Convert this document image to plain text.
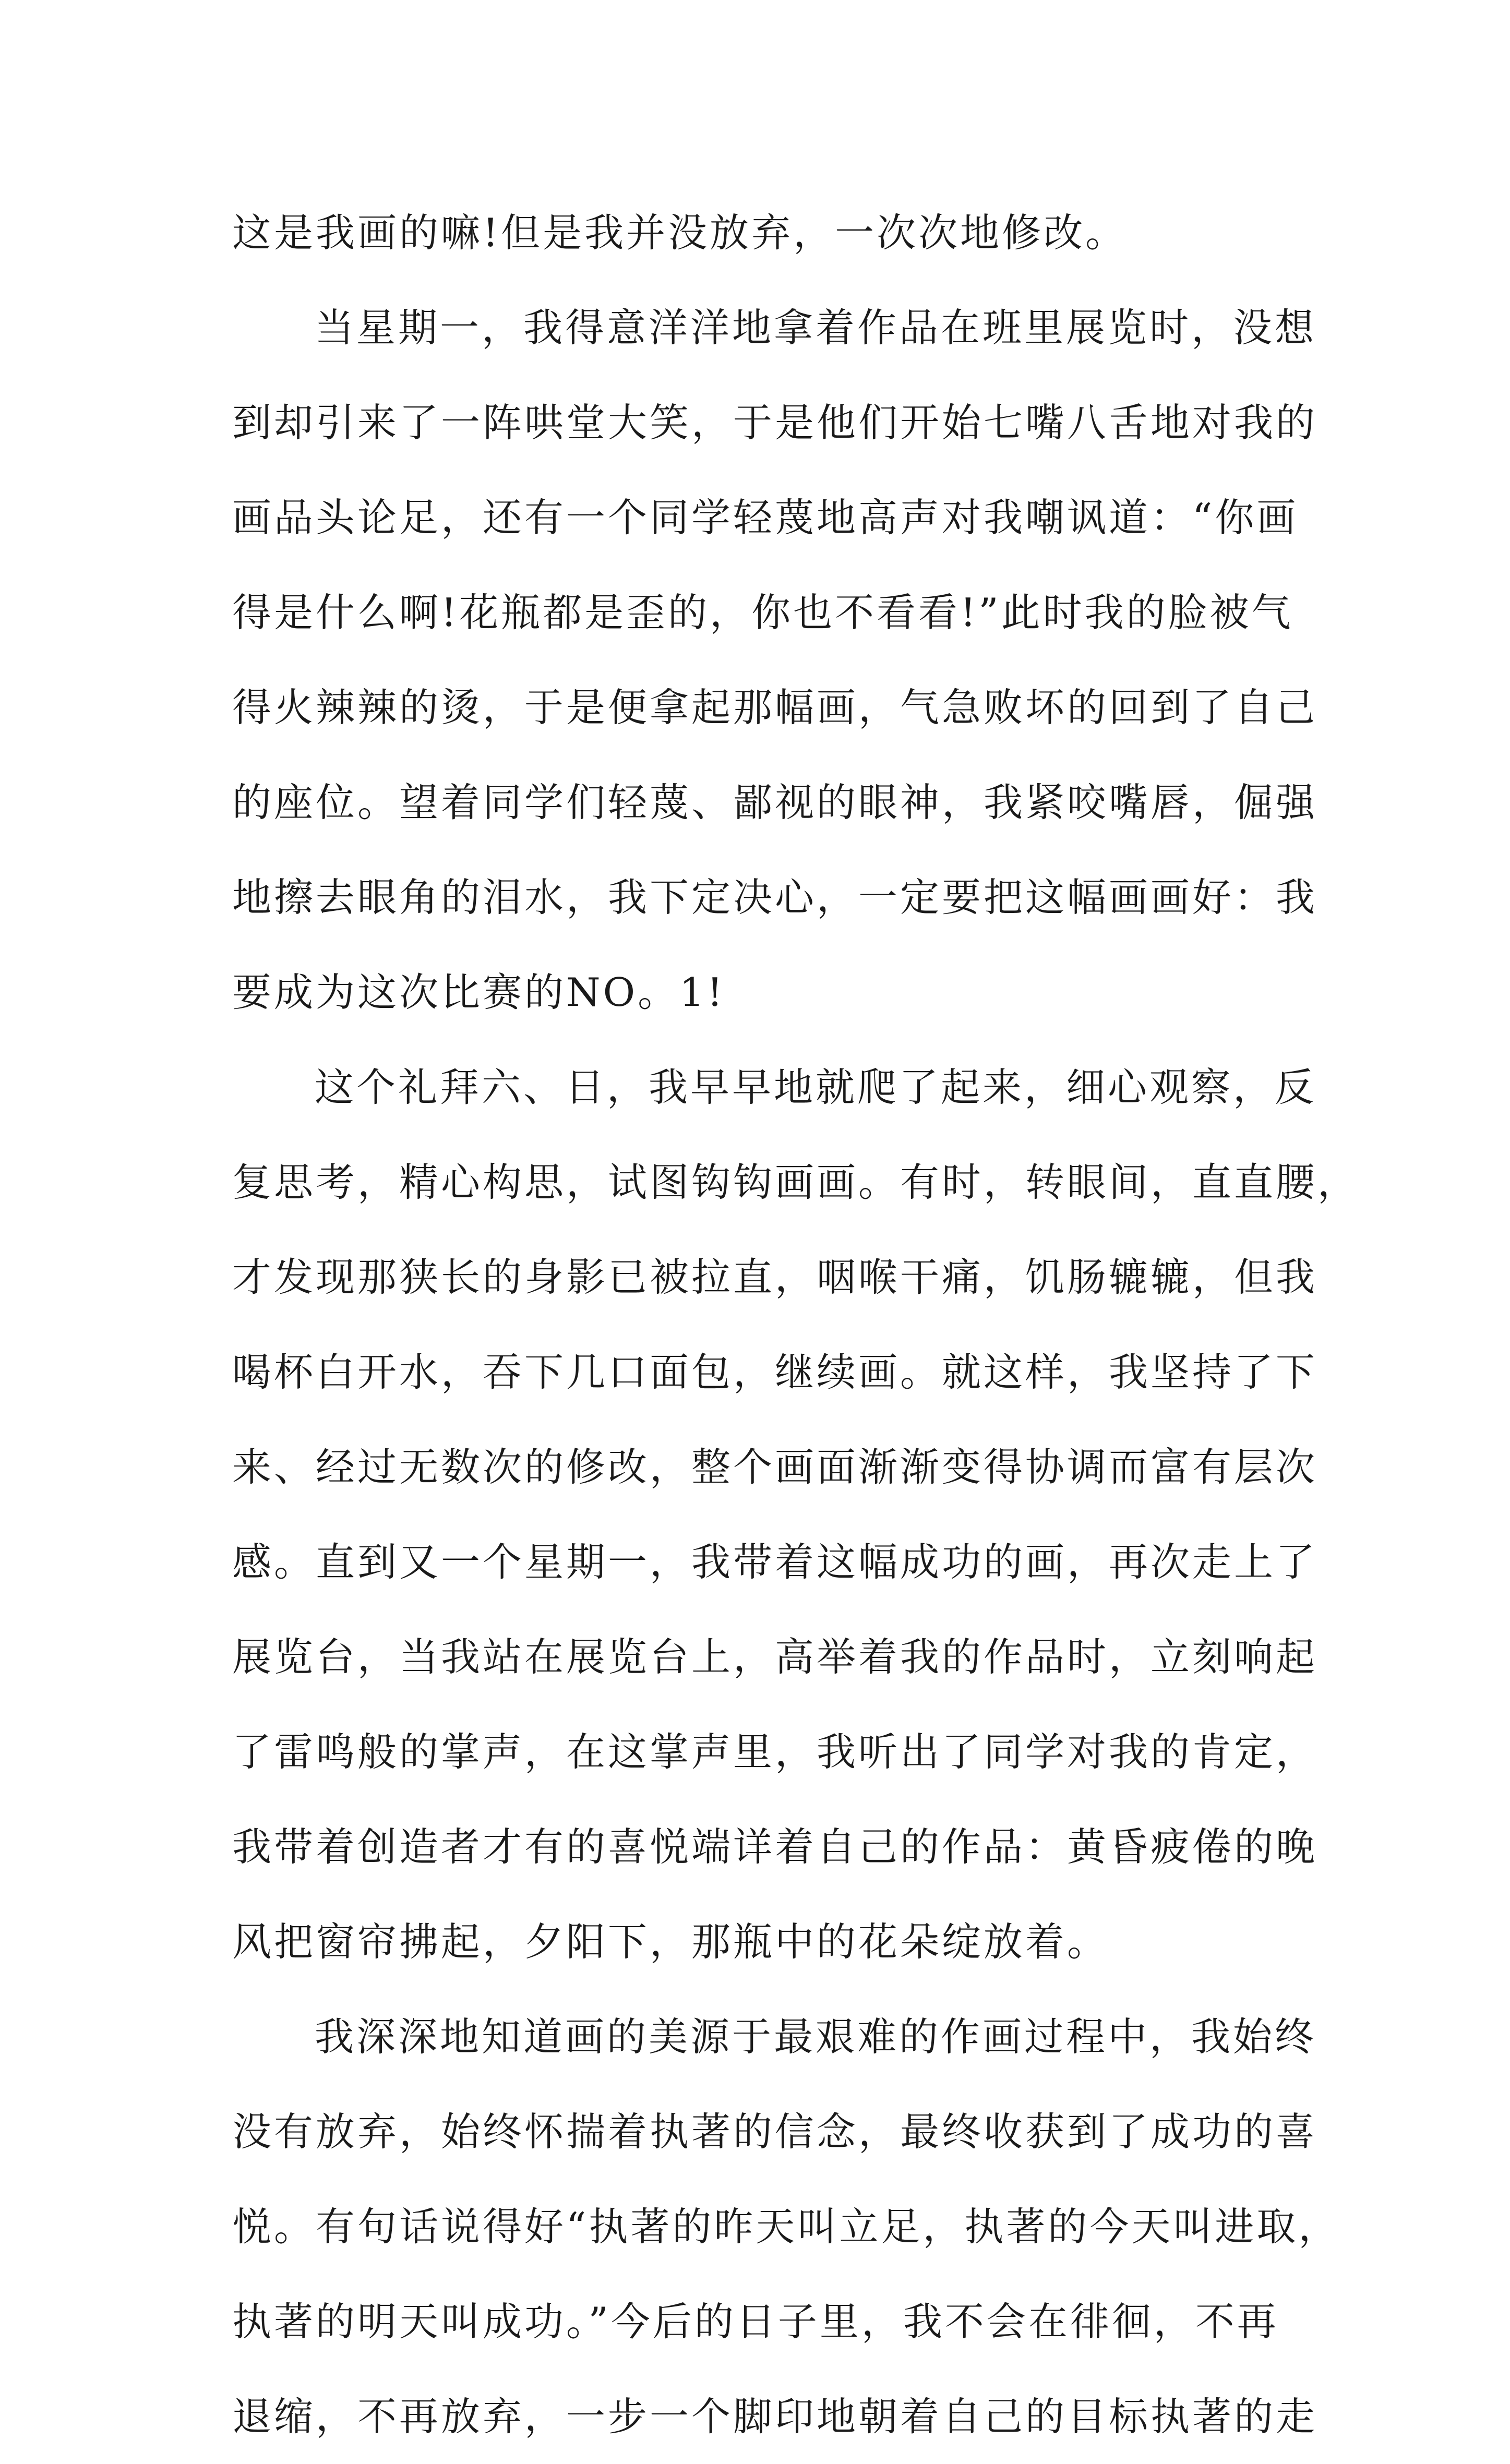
这是我画的嘛!但是我并没放弃，一次次地修改。
当星期一，我得意洋洋地拿着作品在班里展览时，没想
到却引来了一阵哄堂大笑，于是他们开始七嘴八舌地对我的
画品头论足，还有一个同学轻蔑地高声对我嘲讽道：“你画
得是什么啊!花瓶都是歪的，你也不看看!”此时我的脸被气
得火辣辣的烫，于是便拿起那幅画，气急败坏的回到了自己
的座位。望着同学们轻蔑、鄙视的眼神，我紧咬嘴唇，倔强
地擦去眼角的泪水，我下定决心，一定要把这幅画画好：我
要成为这次比赛的NO。1!
这个礼拜六、日，我早早地就爬了起来，细心观察，反
复思考，精心构思，试图钩钩画画。有时，转眼间，直直腰，
才发现那狭长的身影已被拉直，咽喉干痛，饥肠辘辘，但我
喝杯白开水，吞下几口面包，继续画。就这样，我坚持了下
来、经过无数次的修改，整个画面渐渐变得协调而富有层次
感。直到又一个星期一，我带着这幅成功的画，再次走上了
展览台，当我站在展览台上，高举着我的作品时，立刻响起
了雷鸣般的掌声，在这掌声里，我听出了同学对我的肯定，
我带着创造者才有的喜悦端详着自己的作品：黄昏疲倦的晚
风把窗帘拂起，夕阳下，那瓶中的花朵绽放着。
我深深地知道画的美源于最艰难的作画过程中，我始终
没有放弃，始终怀揣着执著的信念，最终收获到了成功的喜
悦。有句话说得好“执著的昨天叫立足，执著的今天叫进取，
执著的明天叫成功。”今后的日子里，我不会在徘徊，不再
退缩，不再放弃，一步一个脚印地朝着自己的目标执著的走
